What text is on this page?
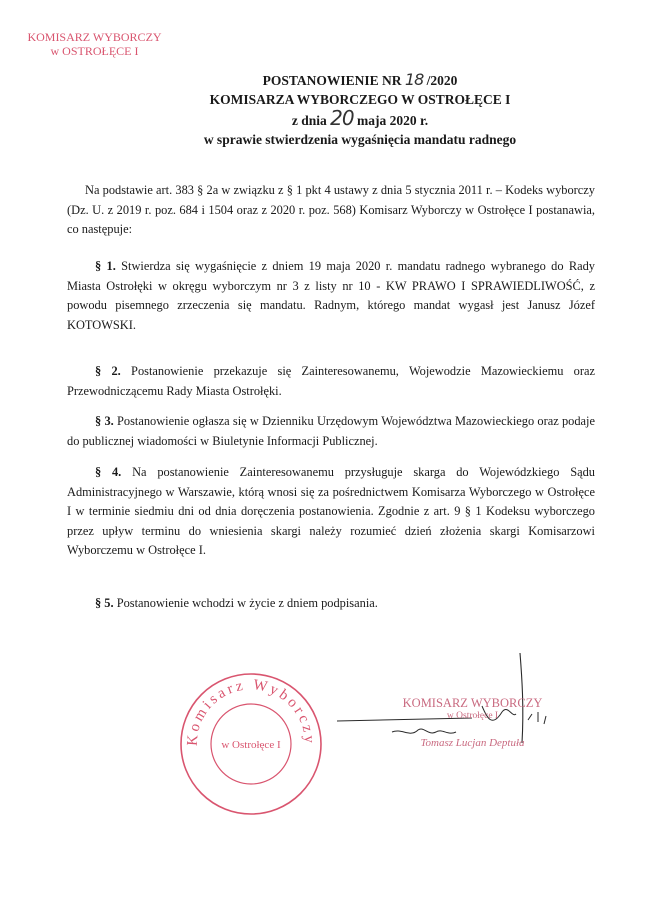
KOMISARZ WYBORCZY
w OSTROŁĘCE I
POSTANOWIENIE NR 18 /2020
KOMISARZA WYBORCZEGO W OSTROŁĘCE I
z dnia 20 maja 2020 r.
w sprawie stwierdzenia wygaśnięcia mandatu radnego
Na podstawie art. 383 § 2a w związku z § 1 pkt 4 ustawy z dnia 5 stycznia 2011 r. – Kodeks wyborczy (Dz. U. z 2019 r. poz. 684 i 1504 oraz z 2020 r. poz. 568) Komisarz Wyborczy w Ostrołęce I postanawia, co następuje:
§ 1. Stwierdza się wygaśnięcie z dniem 19 maja 2020 r. mandatu radnego wybranego do Rady Miasta Ostrołęki w okręgu wyborczym nr 3 z listy nr 10 - KW PRAWO I SPRAWIEDLIWOŚĆ, z powodu pisemnego zrzeczenia się mandatu. Radnym, którego mandat wygasł jest Janusz Józef KOTOWSKI.
§ 2. Postanowienie przekazuje się Zainteresowanemu, Wojewodzie Mazowieckiemu oraz Przewodniczącemu Rady Miasta Ostrołęki.
§ 3. Postanowienie ogłasza się w Dzienniku Urzędowym Województwa Mazowieckiego oraz podaje do publicznej wiadomości w Biuletynie Informacji Publicznej.
§ 4. Na postanowienie Zainteresowanemu przysługuje skarga do Wojewódzkiego Sądu Administracyjnego w Warszawie, którą wnosi się za pośrednictwem Komisarza Wyborczego w Ostrołęce I w terminie siedmiu dni od dnia doręczenia postanowienia. Zgodnie z art. 9 § 1 Kodeksu wyborczego przez upływ terminu do wniesienia skargi należy rozumieć dzień złożenia skargi Komisarzowi Wyborczemu w Ostrołęce I.
§ 5. Postanowienie wchodzi w życie z dniem podpisania.
Komisarz Wyborczy
w Ostrołęce I
KOMISARZ WYBORCZY
w Ostrołęce I
Tomasz Lucjan Deptuła
